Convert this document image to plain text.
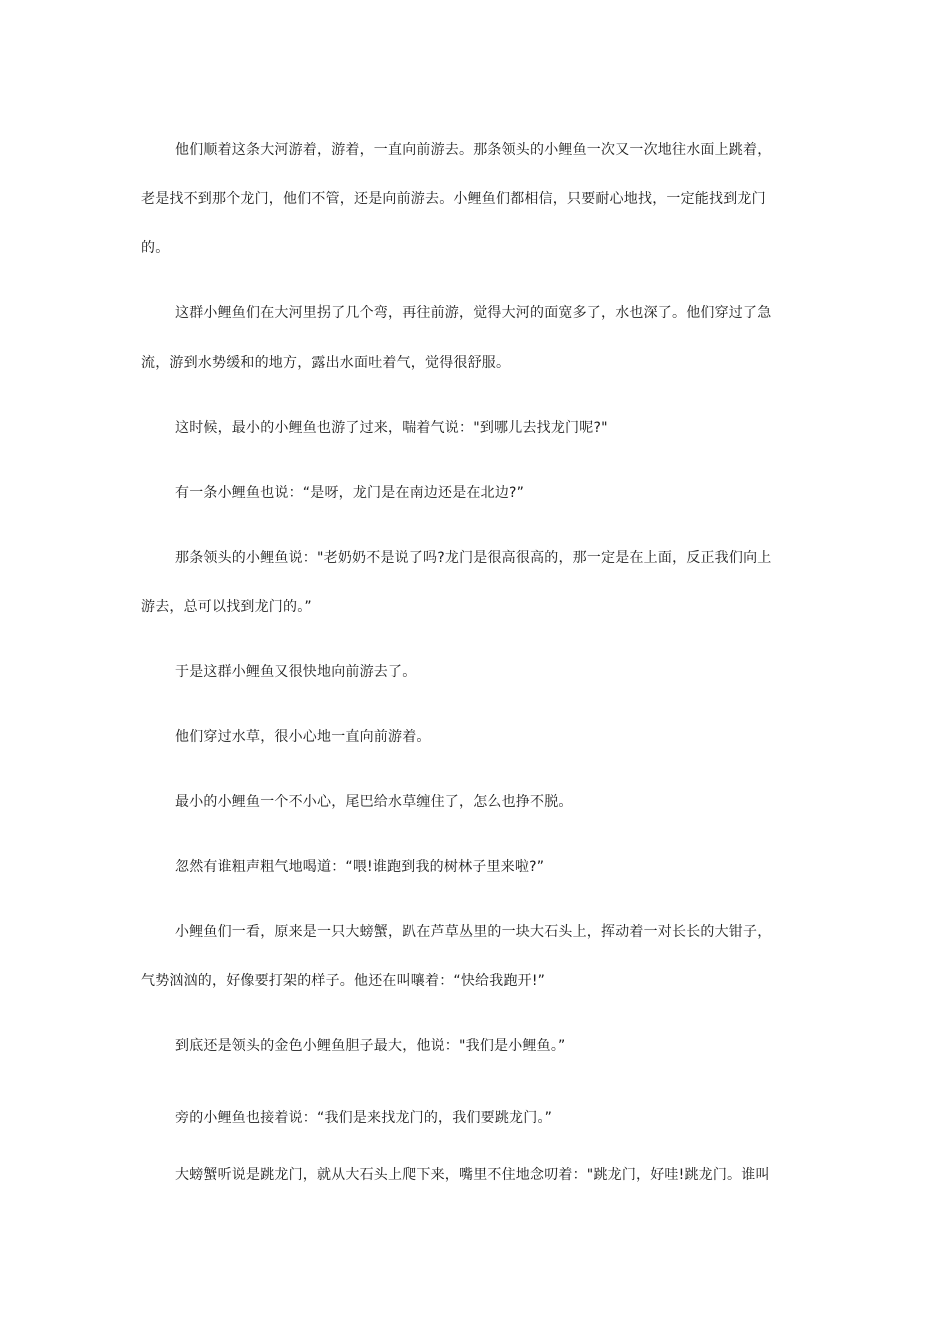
他们顺着这条大河游着，游着，一直向前游去。那条领头的小鲤鱼一次又一次地往水面上跳着，
老是找不到那个龙门，他们不管，还是向前游去。小鲤鱼们都相信，只要耐心地找，一定能找到龙门
的。
这群小鲤鱼们在大河里拐了几个弯，再往前游，觉得大河的面宽多了，水也深了。他们穿过了急
流，游到水势缓和的地方，露出水面吐着气，觉得很舒服。
这时候，最小的小鲤鱼也游了过来，喘着气说："到哪儿去找龙门呢?"
有一条小鲤鱼也说：“是呀，龙门是在南边还是在北边?”
那条领头的小鲤鱼说："老奶奶不是说了吗?龙门是很高很高的，那一定是在上面，反正我们向上
游去，总可以找到龙门的。”
于是这群小鲤鱼又很快地向前游去了。
他们穿过水草，很小心地一直向前游着。
最小的小鲤鱼一个不小心，尾巴给水草缠住了，怎么也挣不脱。
忽然有谁粗声粗气地喝道：“喂!谁跑到我的树林子里来啦?”
小鲤鱼们一看，原来是一只大螃蟹，趴在芦草丛里的一块大石头上，挥动着一对长长的大钳子，
气势汹汹的，好像要打架的样子。他还在叫嚷着：“快给我跑开!”
到底还是领头的金色小鲤鱼胆子最大，他说："我们是小鲤鱼。”
旁的小鲤鱼也接着说：“我们是来找龙门的，我们要跳龙门。”
大螃蟹听说是跳龙门，就从大石头上爬下来，嘴里不住地念叨着："跳龙门，好哇!跳龙门。谁叫
